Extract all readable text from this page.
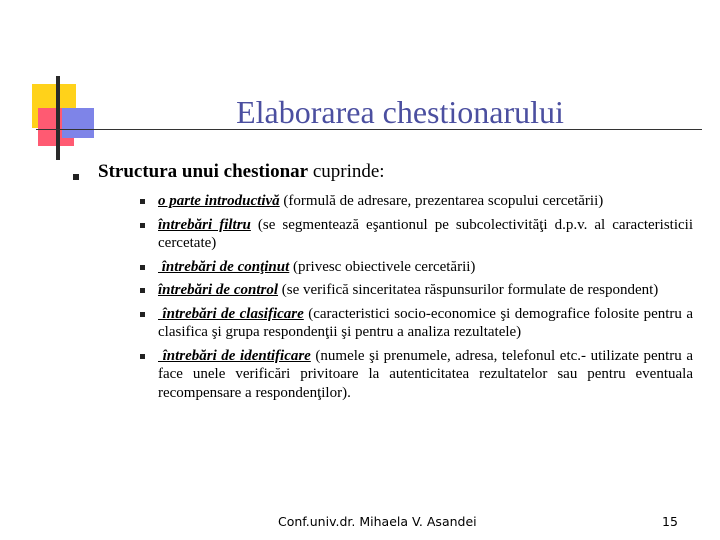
Elaborarea chestionarului
Structura unui chestionar cuprinde:
o parte introductivă (formulă de adresare, prezentarea scopului cercetării)
întrebări filtru (se segmentează eşantionul pe subcolectivităţi d.p.v. al caracteristicii cercetate)
întrebări de conţinut (privesc obiectivele cercetării)
întrebări de control (se verifică sinceritatea răspunsurilor formulate de respondent)
întrebări de clasificare (caracteristici socio-economice şi demografice folosite pentru a clasifica şi grupa respondenţii şi pentru a analiza rezultatele)
întrebări de identificare (numele şi prenumele, adresa, telefonul etc.- utilizate pentru a face unele verificări privitoare la autenticitatea rezultatelor sau pentru eventuala recompensare a respondenţilor).
Conf.univ.dr. Mihaela V. Asandei	15
